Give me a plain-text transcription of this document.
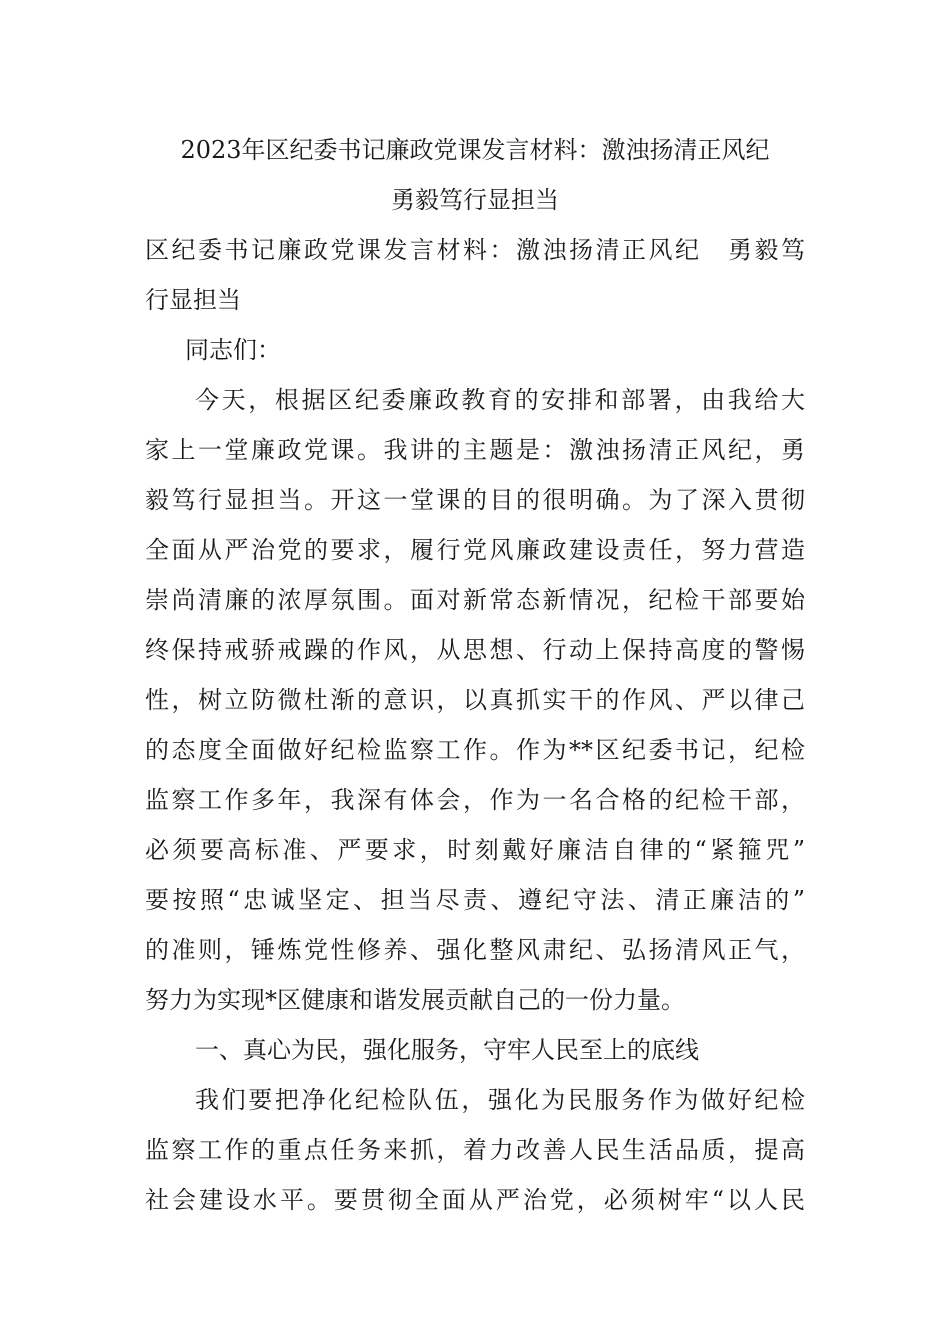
2023年区纪委书记廉政党课发言材料：激浊扬清正风纪
勇毅笃行显担当
区纪委书记廉政党课发言材料：激浊扬清正风纪　勇毅笃
行显担当
同志们：
今天，根据区纪委廉政教育的安排和部署，由我给大
家上一堂廉政党课。我讲的主题是：激浊扬清正风纪，勇
毅笃行显担当。开这一堂课的目的很明确。为了深入贯彻
全面从严治党的要求，履行党风廉政建设责任，努力营造
崇尚清廉的浓厚氛围。面对新常态新情况，纪检干部要始
终保持戒骄戒躁的作风，从思想、行动上保持高度的警惕
性，树立防微杜渐的意识，以真抓实干的作风、严以律己
的态度全面做好纪检监察工作。作为**区纪委书记，纪检
监察工作多年，我深有体会，作为一名合格的纪检干部，
必须要高标准、严要求，时刻戴好廉洁自律的“紧箍咒”
要按照“忠诚坚定、担当尽责、遵纪守法、清正廉洁的”
的准则，锤炼党性修养、强化整风肃纪、弘扬清风正气，
努力为实现*区健康和谐发展贡献自己的一份力量。
一、真心为民，强化服务，守牢人民至上的底线
我们要把净化纪检队伍，强化为民服务作为做好纪检
监察工作的重点任务来抓，着力改善人民生活品质，提高
社会建设水平。要贯彻全面从严治党，必须树牢“以人民
